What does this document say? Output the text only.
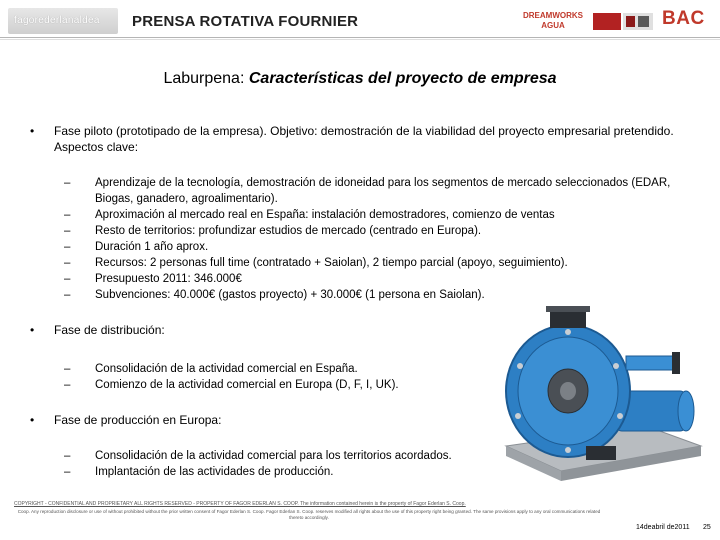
fagorederlanaldea PRENSA ROTATIVA FOURNIER	DREAMWORKS AGUA	BAC
Laburpena: Características del proyecto de empresa
• Fase piloto (prototipado de la empresa). Objetivo: demostración de la viabilidad del proyecto empresarial pretendido. Aspectos clave:
– Aprendizaje de la tecnología, demostración de idoneidad para los segmentos de mercado seleccionados (EDAR, Biogas, ganadero, agroalimentario).
– Aproximación al mercado real en España: instalación demostradores, comienzo de ventas
– Resto de territorios: profundizar estudios de mercado (centrado en Europa).
– Duración 1 año aprox.
– Recursos: 2 personas full time (contratado + Saiolan), 2 tiempo parcial (apoyo, seguimiento).
– Presupuesto 2011: 346.000€
– Subvenciones: 40.000€ (gastos proyecto) + 30.000€ (1 persona en Saiolan).
• Fase de distribución:
– Consolidación de la actividad comercial en España.
– Comienzo de la actividad comercial en Europa (D, F, I, UK).
• Fase de producción en Europa:
– Consolidación de la actividad comercial para los territorios acordados.
– Implantación de las actividades de producción.
COPYRIGHT - CONFIDENTIAL AND PROPRIETARY ALL RIGHTS RESERVED - PROPERTY OF FAGOR EDERLAN S. COOP. The information contained herein is the property of Fagor Ederlan S. Coop.
Coop. Any reproduction disclosure or use of without prohibited without the prior written consent of Fagor Ederlan S. Coop. Fagor Ederlan S. Coop. reserves modified all rights about the use of this property right being granted. The same provisions apply to any oral communications related thereto accordingly.
14deabril de2011 25
